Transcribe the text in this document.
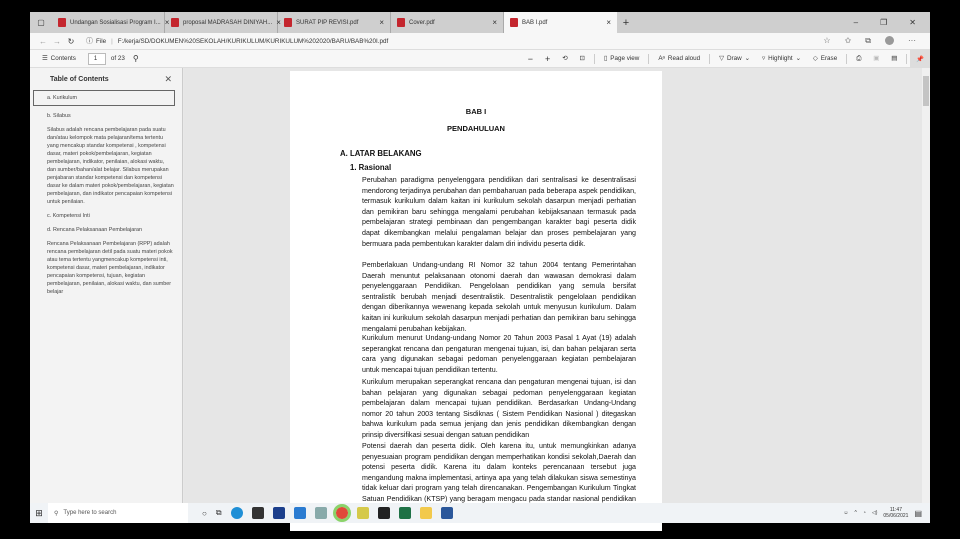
▢	Undangan Sosialisasi Program I... × proposal MADRASAH DINIYAH... ×	SURAT PIP REVISI.pdf	×	Cover.pdf	×	BAB I.pdf	×	+	–	❐	✕
← → ↻	ⓘ File | F:/kerja/SD/DOKUMEN%20SEKOLAH/KURIKULUM/KURIKULUM%202020/BARU/BAB%20I.pdf	☆ ✩ ⧉	···
☰ Contents	1	of 23 ⚲	−	+	⟲	⊡	▯ Page view	Aᵃ Read aloud	▽ Draw ⌄ ▿ Highlight ⌄ ◇ Erase	⎙	▣	▤	📌
Table of Contents	✕
a. Kurikulum
b. Silabus
Silabus adalah rencana pembelajaran pada suatu dan/atau kelompok mata pelajaran/tema tertentu yang mencakup standar kompetensi , kompetensi dasar, materi pokok/pembelajaran, kegiatan pembelajaran, indikator, penilaian, alokasi waktu, dan sumber/bahan/alat belajar. Silabus merupakan penjabaran standar kompetensi dan kompetensi dasar ke dalam materi pokok/pembelajaran, kegiatan pembelajaran, dan indikator pencapaian kompetensi untuk penilaian.
c. Kompetensi Inti
d. Rencana Pelaksanaan Pembelajaran
Rencana Pelaksanaan Pembelajaran (RPP) adalah rencana pembelajaran detil pada suatu materi pokok atau tema tertentu yangmencakup kompetensi inti, kompetensi dasar, materi pembelajaran, indikator pencapaian kompetensi, tujuan, kegiatan pembelajaran, penilaian, alokasi waktu, dan sumber belajar
BAB I
PENDAHULUAN
A. LATAR BELAKANG
1. Rasional
Perubahan paradigma penyelenggara pendidikan dari sentralisasi ke desentralisasi mendorong terjadinya perubahan dan pembaharuan pada beberapa aspek pendidikan, termasuk kurikulum dalam kaitan ini kurikulum sekolah dasarpun menjadi perhatian dan pemikiran baru sehingga mengalami perubahan kebijaksanaan termasuk pada pembelajaran strategi pembinaan dan pengembangan karakter bagi peserta didik dapat dikembangkan melalui pengalaman belajar dan proses pembelajaran yang bermuara pada pembentukan karakter dalam diri individu peserta didik.
Pemberlakuan Undang-undang RI Nomor 32 tahun 2004 tentang Pemerintahan Daerah menuntut pelaksanaan otonomi daerah dan wawasan demokrasi dalam penyelenggaraan Pendidikan. Pengelolaan pendidikan yang semula bersifat sentralistik berubah menjadi desentralistik. Desentralistik pengelolaan pendidikan dengan diberikannya wewenang kepada sekolah untuk menyusun kurikulum. Dalam kaitan ini kurikulum sekolah dasarpun menjadi perhatian dan pemikiran baru sehingga mengalami perubahan kebijakan.
Kurikulum menurut Undang-undang Nomor 20 Tahun 2003 Pasal 1 Ayat (19) adalah seperangkat rencana dan pengaturan mengenai tujuan, isi, dan bahan pelajaran serta cara yang digunakan sebagai pedoman penyelenggaraan kegiatan pembelajaran untuk mencapai tujuan pendidikan tertentu.
Kurikulum merupakan seperangkat rencana dan pengaturan mengenai tujuan, isi dan bahan pelajaran yang digunakan sebagai pedoman penyelenggaraan kegiatan pembelajaran dalam mencapai tujuan pendidikan. Berdasarkan Undang-Undang nomor 20 tahun 2003 tentang Sisdiknas ( Sistem Pendidikan Nasional ) ditegaskan bahwa kurikulum pada semua jenjang dan jenis pendidikan dikembangkan dengan prinsip diversifikasi sesuai dengan satuan pendidikan
Potensi daerah dan peserta didik. Oleh karena itu, untuk memungkinkan adanya penyesuaian program pendidikan dengan memperhatikan kondisi sekolah,Daerah dan potensi peserta didik. Karena itu dalam konteks perencanaan tersebut juga mengandung makna implementasi, artinya apa yang telah dilakukan siswa semestinya tidak keluar dari program yang telah direncanakan. Pengembangan Kurikulum Tingkat Satuan Pendidikan (KTSP) yang beragam mengacu pada standar nasional pendidikan
⊞	⚲ Type here to search	○ ⧉	☺ ^ ◔ ◁)	11:47
05/06/2021 ▤
